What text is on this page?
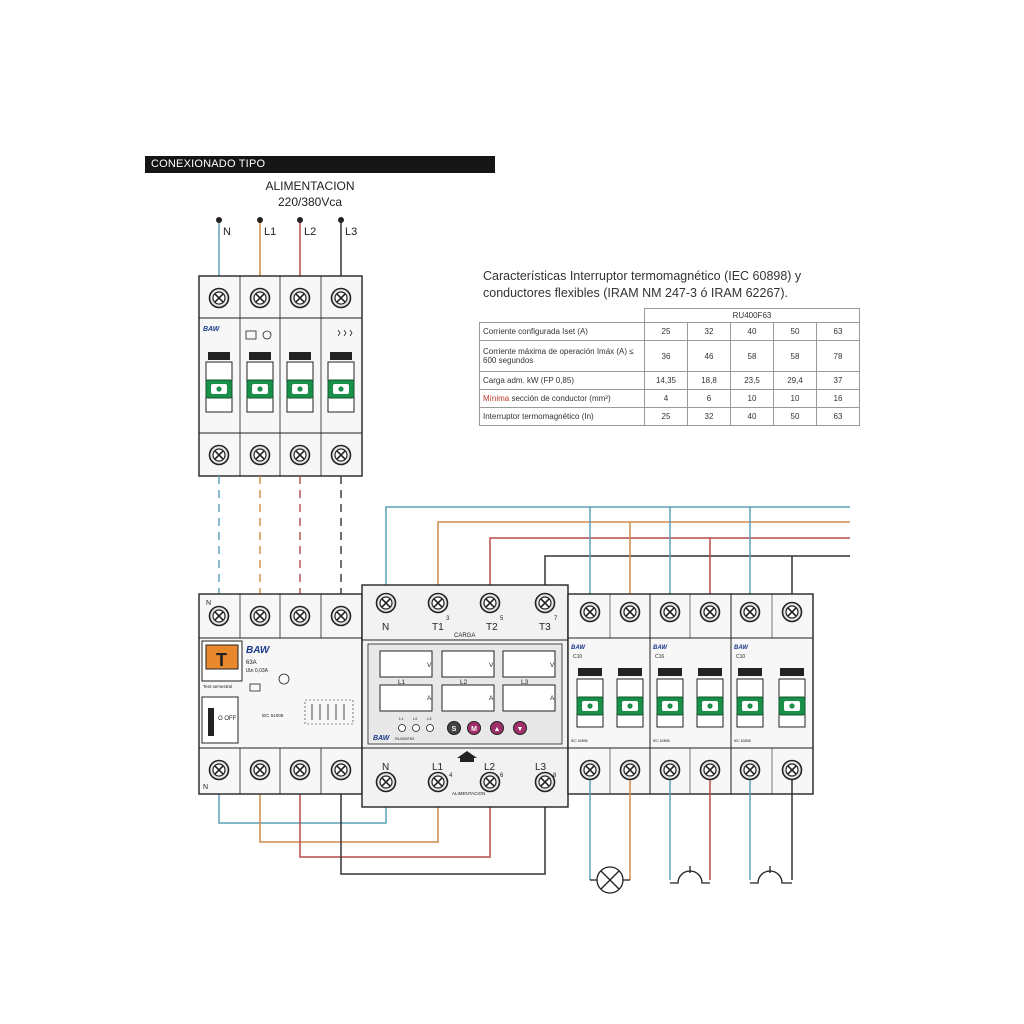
N	L1	L2	L3
BAW
N
N
T BAW
63A
IΔn 0,03A
Test semestral
O OFF
IEC 61008
N	T1	T2	T3
N	L1	L2	L3
3	5	7
4	6	8
CARGA
ALIMENTACION
BAW	RU400F63
L1	L2	L3
V	V	V
A	A	A
L1 L2 L3
S M ▲ ▼
BAW	BAW	BAW
C10	C16	C10
IEC 60898	IEC 60898	IEC 60898
CONEXIONADO TIPO
ALIMENTACION
220/380Vca
Características Interruptor termomagnético (IEC 60898) y
conductores flexibles (IRAM NM 247-3 ó IRAM 62267).
	RU400F63				
Corriente configurada Iset (A)	25	32	40	50	63
Corriente máxima de operación Imáx (A) ≤ 600 segundos	36	46	58	58	78
Carga adm. kW (FP 0,85)	14,35	18,8	23,5	29,4	37
Mínima sección de conductor (mm²)	4	6	10	10	16
Interruptor termomagnético (In)	25	32	40	50	63
